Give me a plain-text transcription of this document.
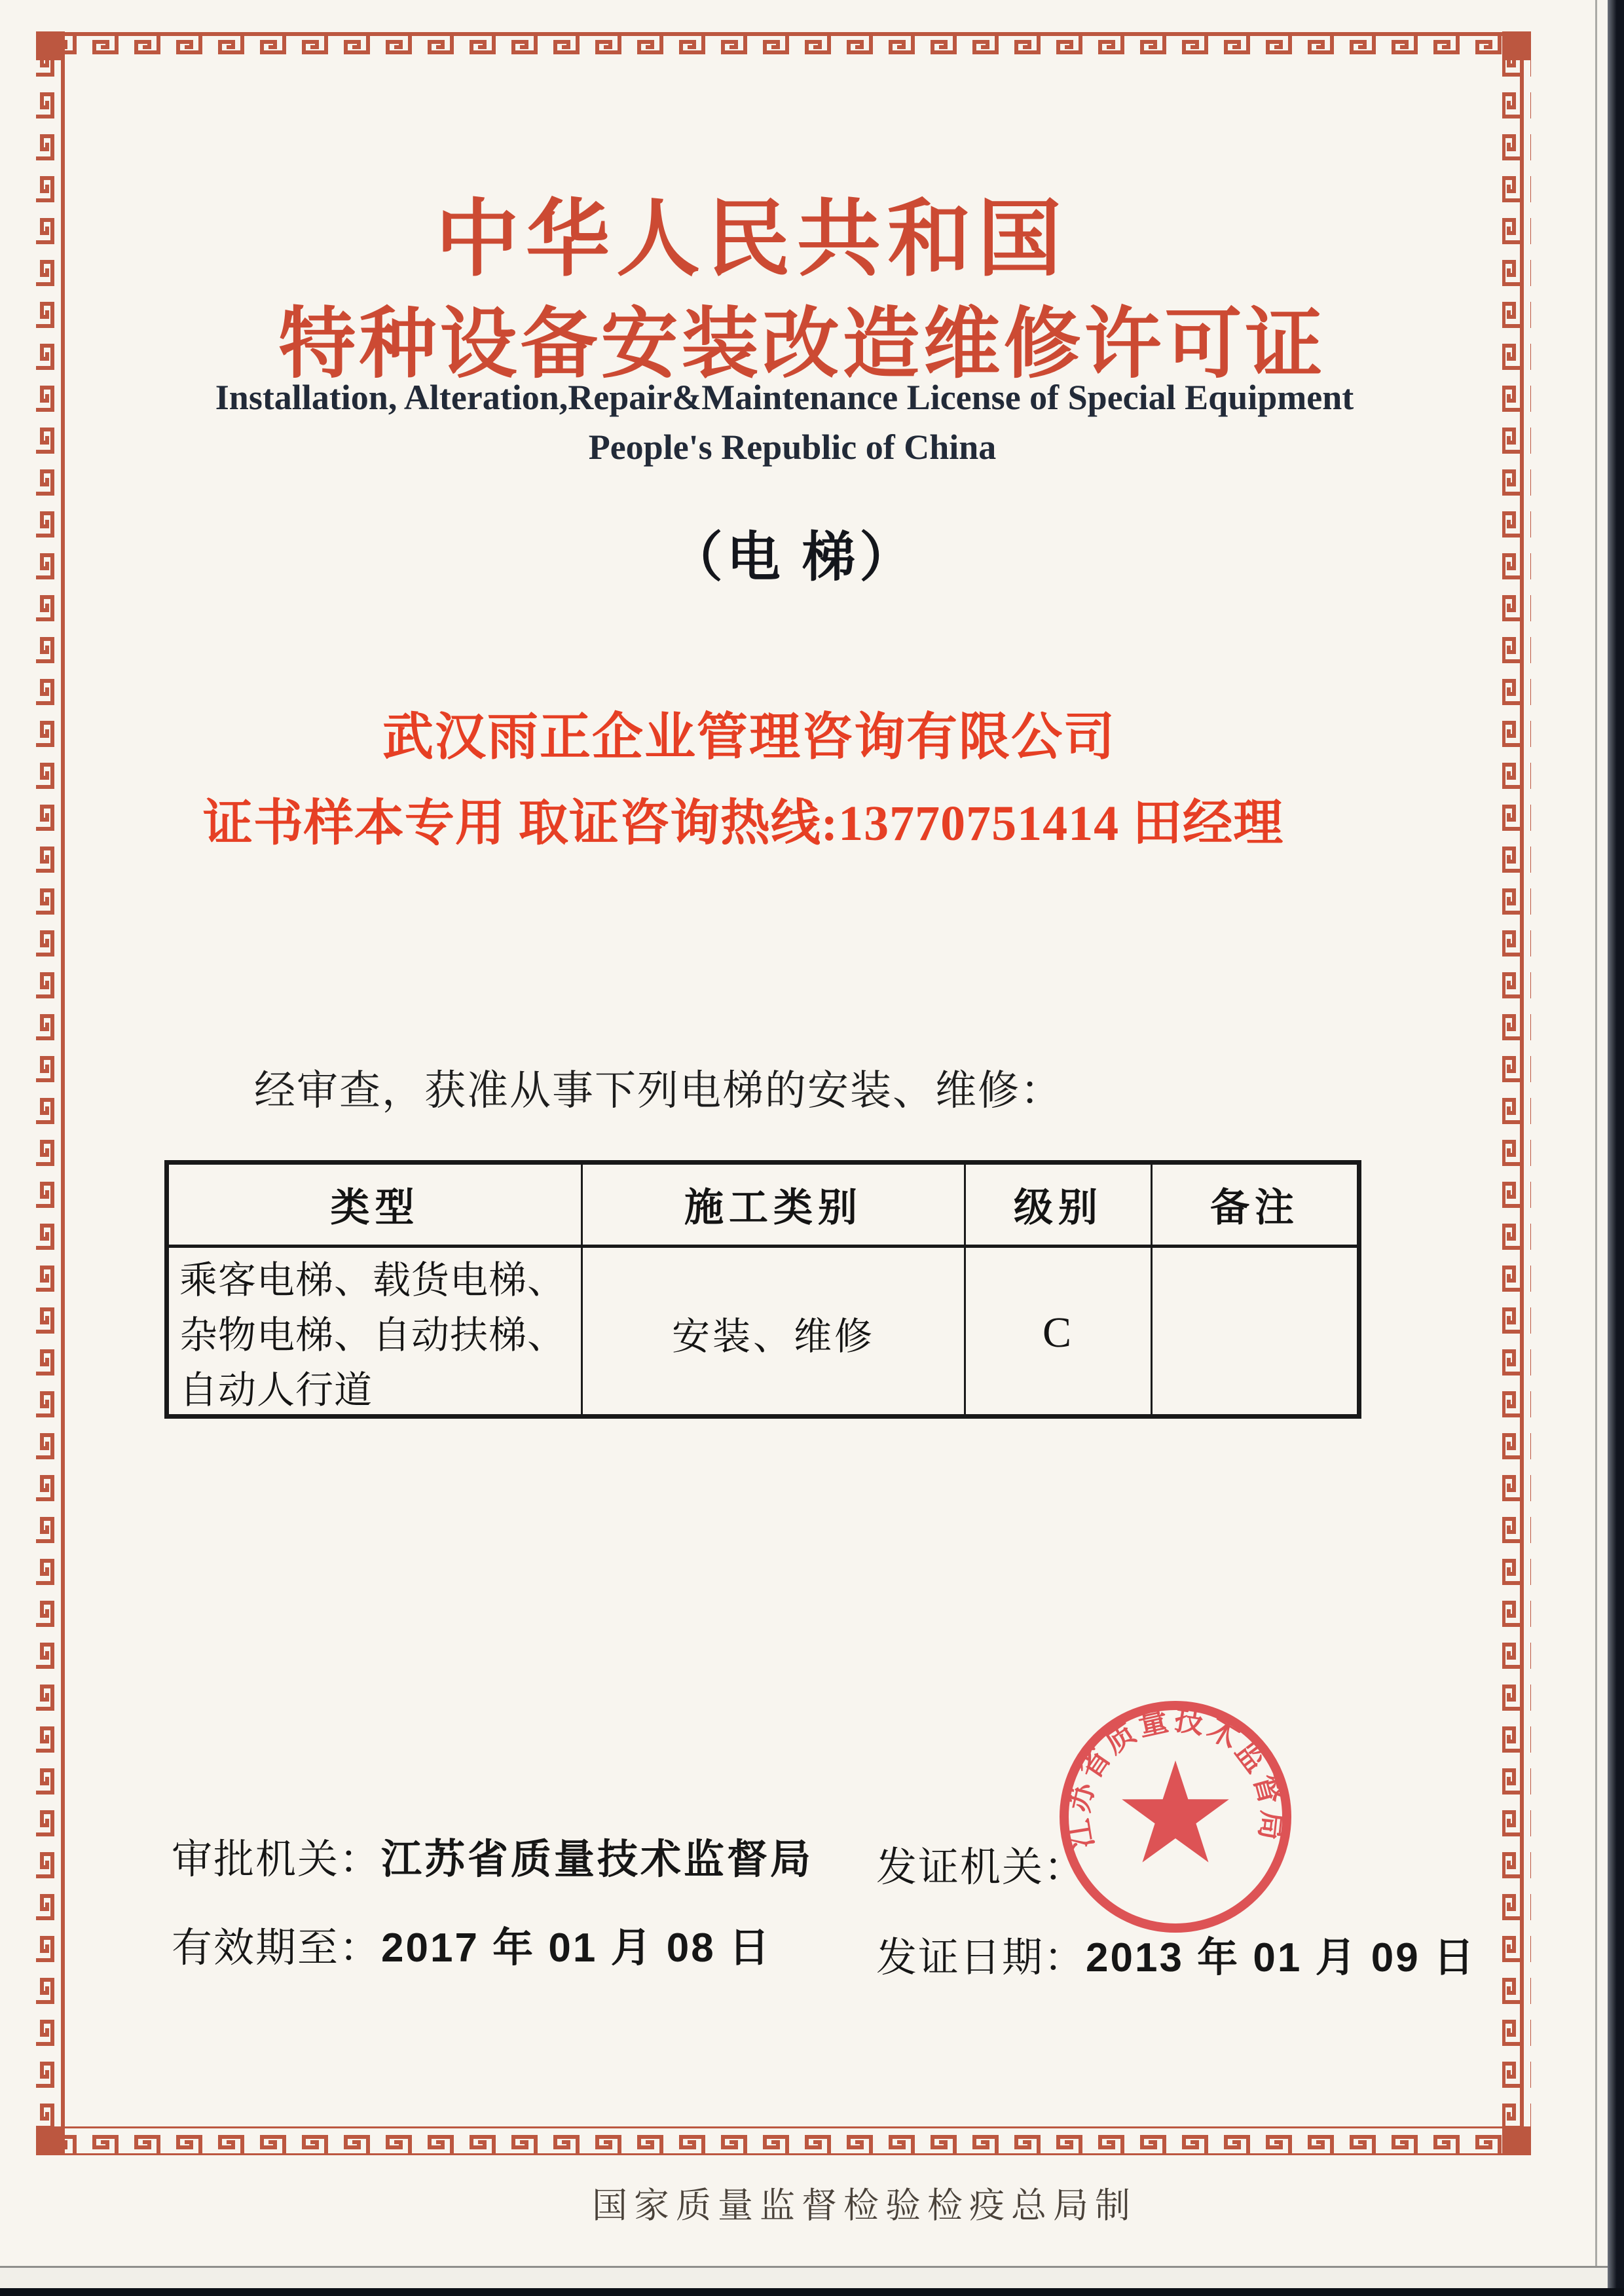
中华人民共和国
特种设备安装改造维修许可证
Installation, Alteration,Repair&Maintenance License of Special Equipment
People's Republic of China
（电 梯）
武汉雨正企业管理咨询有限公司
证书样本专用 取证咨询热线:13770751414 田经理
经审查，获准从事下列电梯的安装、维修：
类型	施工类别	级别	备注
乘客电梯、载货电梯、
杂物电梯、自动扶梯、
自动人行道
安装、维修	C
审批机关：江苏省质量技术监督局 发证机关：
有效期至：2017 年 01 月 08 日	发证日期：2013 年 01 月 09 日
江苏省质量技术监督局
国家质量监督检验检疫总局制
